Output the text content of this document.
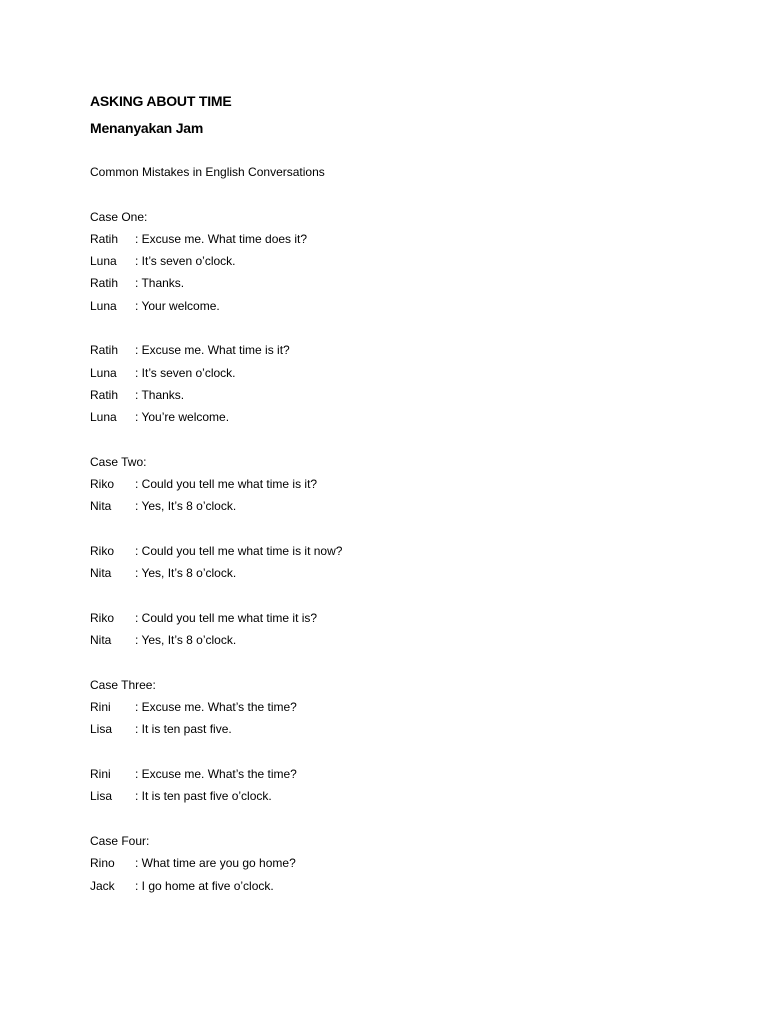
ASKING ABOUT TIME
Menanyakan Jam
Common Mistakes in English Conversations
Case One:
Ratih	: Excuse me. What time does it?
Luna	: It’s seven o’clock.
Ratih	: Thanks.
Luna	: Your welcome.
Ratih	: Excuse me. What time is it?
Luna	: It’s seven o’clock.
Ratih	: Thanks.
Luna	: You’re welcome.
Case Two:
Riko	: Could you tell me what time is it?
Nita	: Yes, It’s 8 o’clock.
Riko	: Could you tell me what time is it now?
Nita	: Yes, It’s 8 o’clock.
Riko	: Could you tell me what time it is?
Nita	: Yes, It’s 8 o’clock.
Case Three:
Rini	: Excuse me. What’s the time?
Lisa	: It is ten past five.
Rini	: Excuse me. What’s the time?
Lisa	: It is ten past five o’clock.
Case Four:
Rino	: What time are you go home?
Jack	: I go home at five o’clock.
